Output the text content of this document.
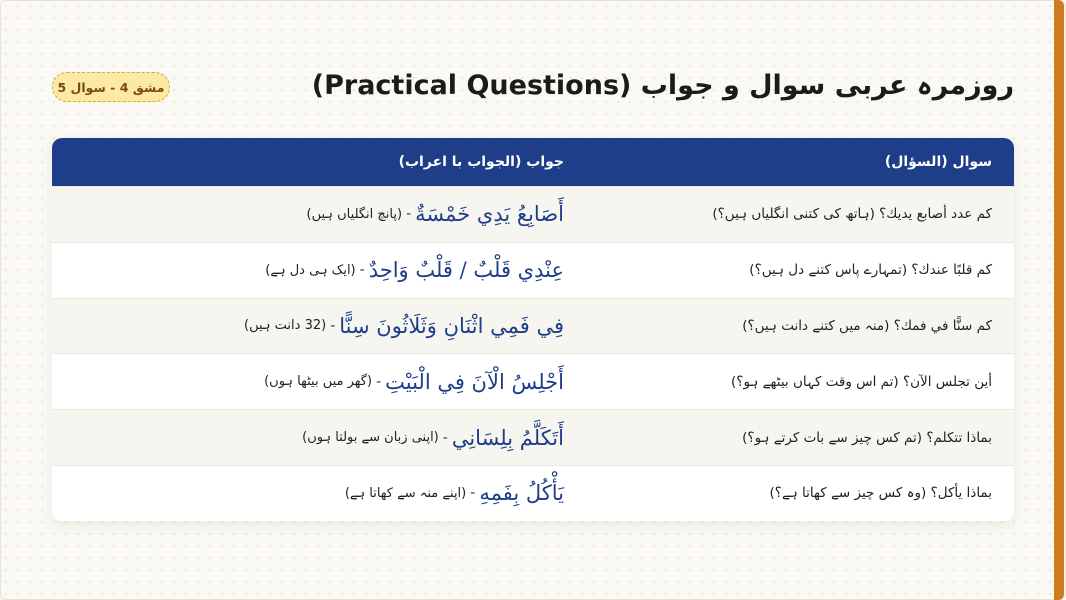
روزمرہ عربی سوال و جواب (Practical Questions)
مشق 4 - سوال 5
سوال (السؤال)
جواب (الجواب با اعراب)
كم عدد أصابع يديك؟ (ہاتھ کی کتنی انگلیاں ہیں؟)
أَصَابِعُ يَدِي خَمْسَةٌ
-
(پانچ انگلیاں ہیں)
كم قلبًا عندك؟ (تمہارے پاس کتنے دل ہیں؟)
عِنْدِي قَلْبٌ / قَلْبٌ وَاحِدٌ
-
(ایک ہی دل ہے)
كم سنًّا في فمك؟ (منہ میں کتنے دانت ہیں؟)
فِي فَمِي اثْنَانِ وَثَلَاثُونَ سِنًّا
-
(32 دانت ہیں)
أين تجلس الآن؟ (تم اس وقت کہاں بیٹھے ہو؟)
أَجْلِسُ الْآنَ فِي الْبَيْتِ
-
(گھر میں بیٹھا ہوں)
بماذا تتكلم؟ (تم کس چیز سے بات کرتے ہو؟)
أَتَكَلَّمُ بِلِسَانِي
-
(اپنی زبان سے بولتا ہوں)
بماذا يأكل؟ (وہ کس چیز سے کھاتا ہے؟)
يَأْكُلُ بِفَمِهِ
-
(اپنے منہ سے کھاتا ہے)
